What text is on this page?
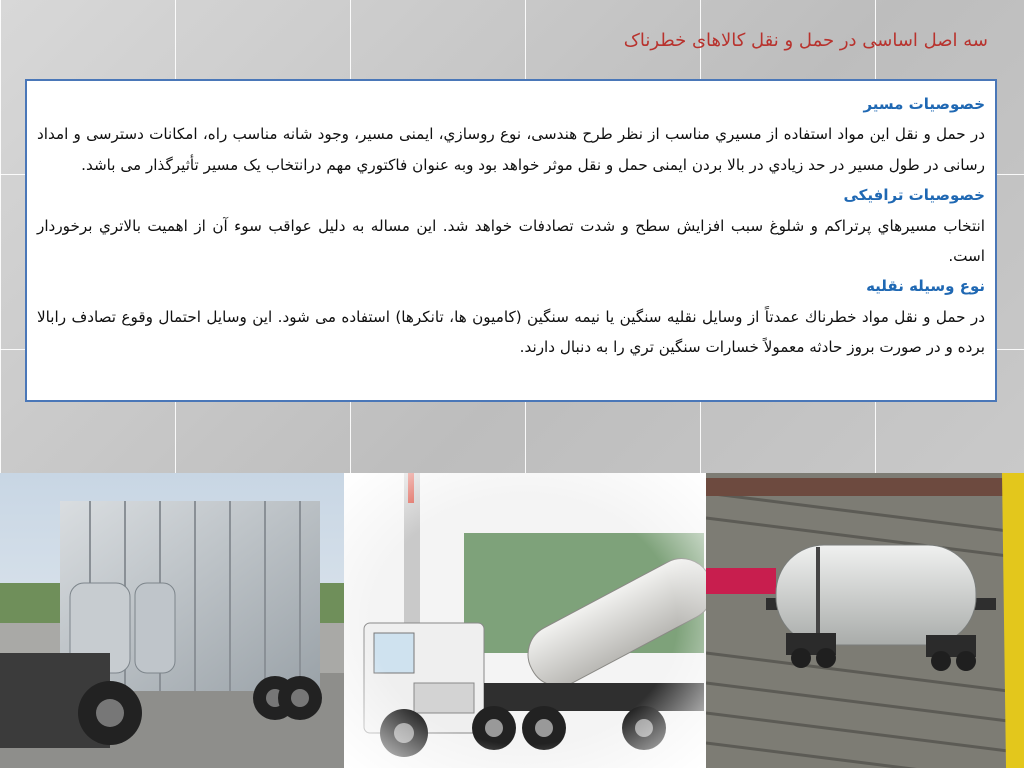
سه اصل اساسی در حمل و نقل کالاهای خطرناک
خصوصیات مسیر
در حمل و نقل اين مواد استفاده از مسيري مناسب از نظر طرح هندسی، نوع روسازي، ايمنی مسير، وجود شانه مناسب راه، امکانات دسترسی و امداد رسانی در طول مسير در حد زيادي در بالا بردن ايمنی حمل و نقل موثر خواهد بود وبه عنوان فاکتوري مهم درانتخاب یک مسير تأثيرگذار می باشد.
خصوصیات ترافیکی
انتخاب مسيرهاي پرتراکم و شلوغ سبب افزايش سطح و شدت تصادفات خواهد شد. اين مساله به دليل عواقب سوء آن از اهميت بالاتري برخوردار است.
نوع وسیله نقلیه
در حمل و نقل مواد خطرناك عمدتاً از وسايل نقليه سنگين يا نيمه سنگين (کاميون ها، تانکرها) استفاده می شود. اين وسايل احتمال وقوع تصادف رابالا برده و در صورت بروز حادثه معمولاً خسارات سنگين تري را به دنبال دارند.
